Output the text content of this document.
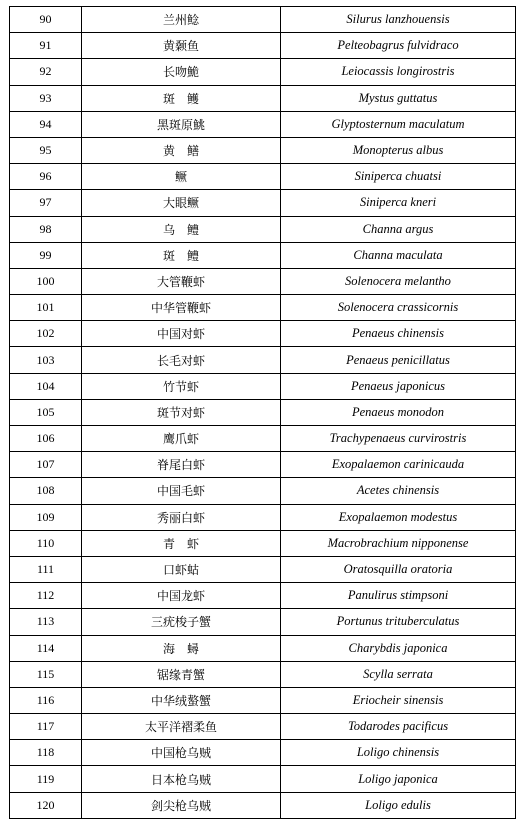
90	兰州鲶	Silurus lanzhouensis
91	黄颡鱼	Pelteobagrus fulvidraco
92	长吻鮠	Leiocassis longirostris
93	斑　鳠	Mystus guttatus
94	黑斑原鮡	Glyptosternum maculatum
95	黄　鳝	Monopterus albus
96	鳜	Siniperca chuatsi
97	大眼鳜	Siniperca kneri
98	乌　鳢	Channa argus
99	斑　鳢	Channa maculata
100	大管鞭虾	Solenocera melantho
101	中华管鞭虾	Solenocera crassicornis
102	中国对虾	Penaeus chinensis
103	长毛对虾	Penaeus penicillatus
104	竹节虾	Penaeus japonicus
105	斑节对虾	Penaeus monodon
106	鹰爪虾	Trachypenaeus curvirostris
107	脊尾白虾	Exopalaemon carinicauda
108	中国毛虾	Acetes chinensis
109	秀丽白虾	Exopalaemon modestus
110	青　虾	Macrobrachium nipponense
111	口虾蛄	Oratosquilla oratoria
112	中国龙虾	Panulirus stimpsoni
113	三疣梭子蟹	Portunus trituberculatus
114	海　蟳	Charybdis japonica
115	锯缘青蟹	Scylla serrata
116	中华绒螯蟹	Eriocheir sinensis
117	太平洋褶柔鱼	Todarodes pacificus
118	中国枪乌贼	Loligo chinensis
119	日本枪乌贼	Loligo japonica
120	剑尖枪乌贼	Loligo edulis
